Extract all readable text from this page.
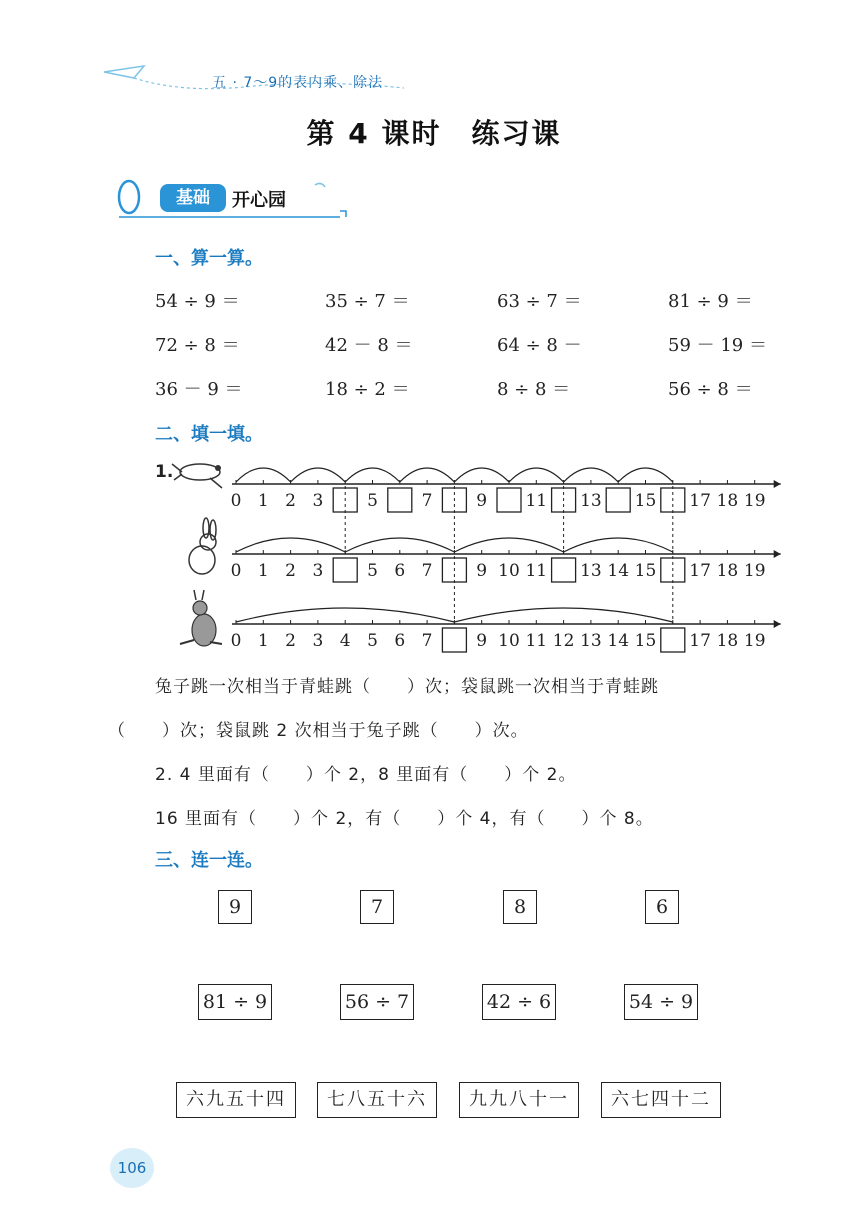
五 · 7～9的表内乘、除法
第 4 课时　练习课
基础	开心园
一、算一算。
54 ÷ 9 ＝	35 ÷ 7 ＝	63 ÷ 7 ＝	81 ÷ 9 ＝
72 ÷ 8 ＝	42 － 8 ＝	64 ÷ 8 －	59 － 19 ＝
36 － 9 ＝	18 ÷ 2 ＝	8 ÷ 8 ＝	56 ÷ 8 ＝
二、填一填。
1.
0 1 2 3	5	7	9 11 13 15 17 18 19
0 1 2 3	5 6 7	9 10 11 13 14 15 17 18 19
0 1 2 3 4 5 6 7	9 10 11 12 13 14 15 17 18 19
兔子跳一次相当于青蛙跳（　　）次；袋鼠跳一次相当于青蛙跳
（　　）次；袋鼠跳 2 次相当于兔子跳（　　）次。
2. 4 里面有（　　）个 2，8 里面有（　　）个 2。
16 里面有（　　）个 2，有（　　）个 4，有（　　）个 8。
三、连一连。
9	7	8	6
81 ÷ 9	56 ÷ 7	42 ÷ 6	54 ÷ 9
六九五十四	七八五十六	九九八十一	六七四十二
106
